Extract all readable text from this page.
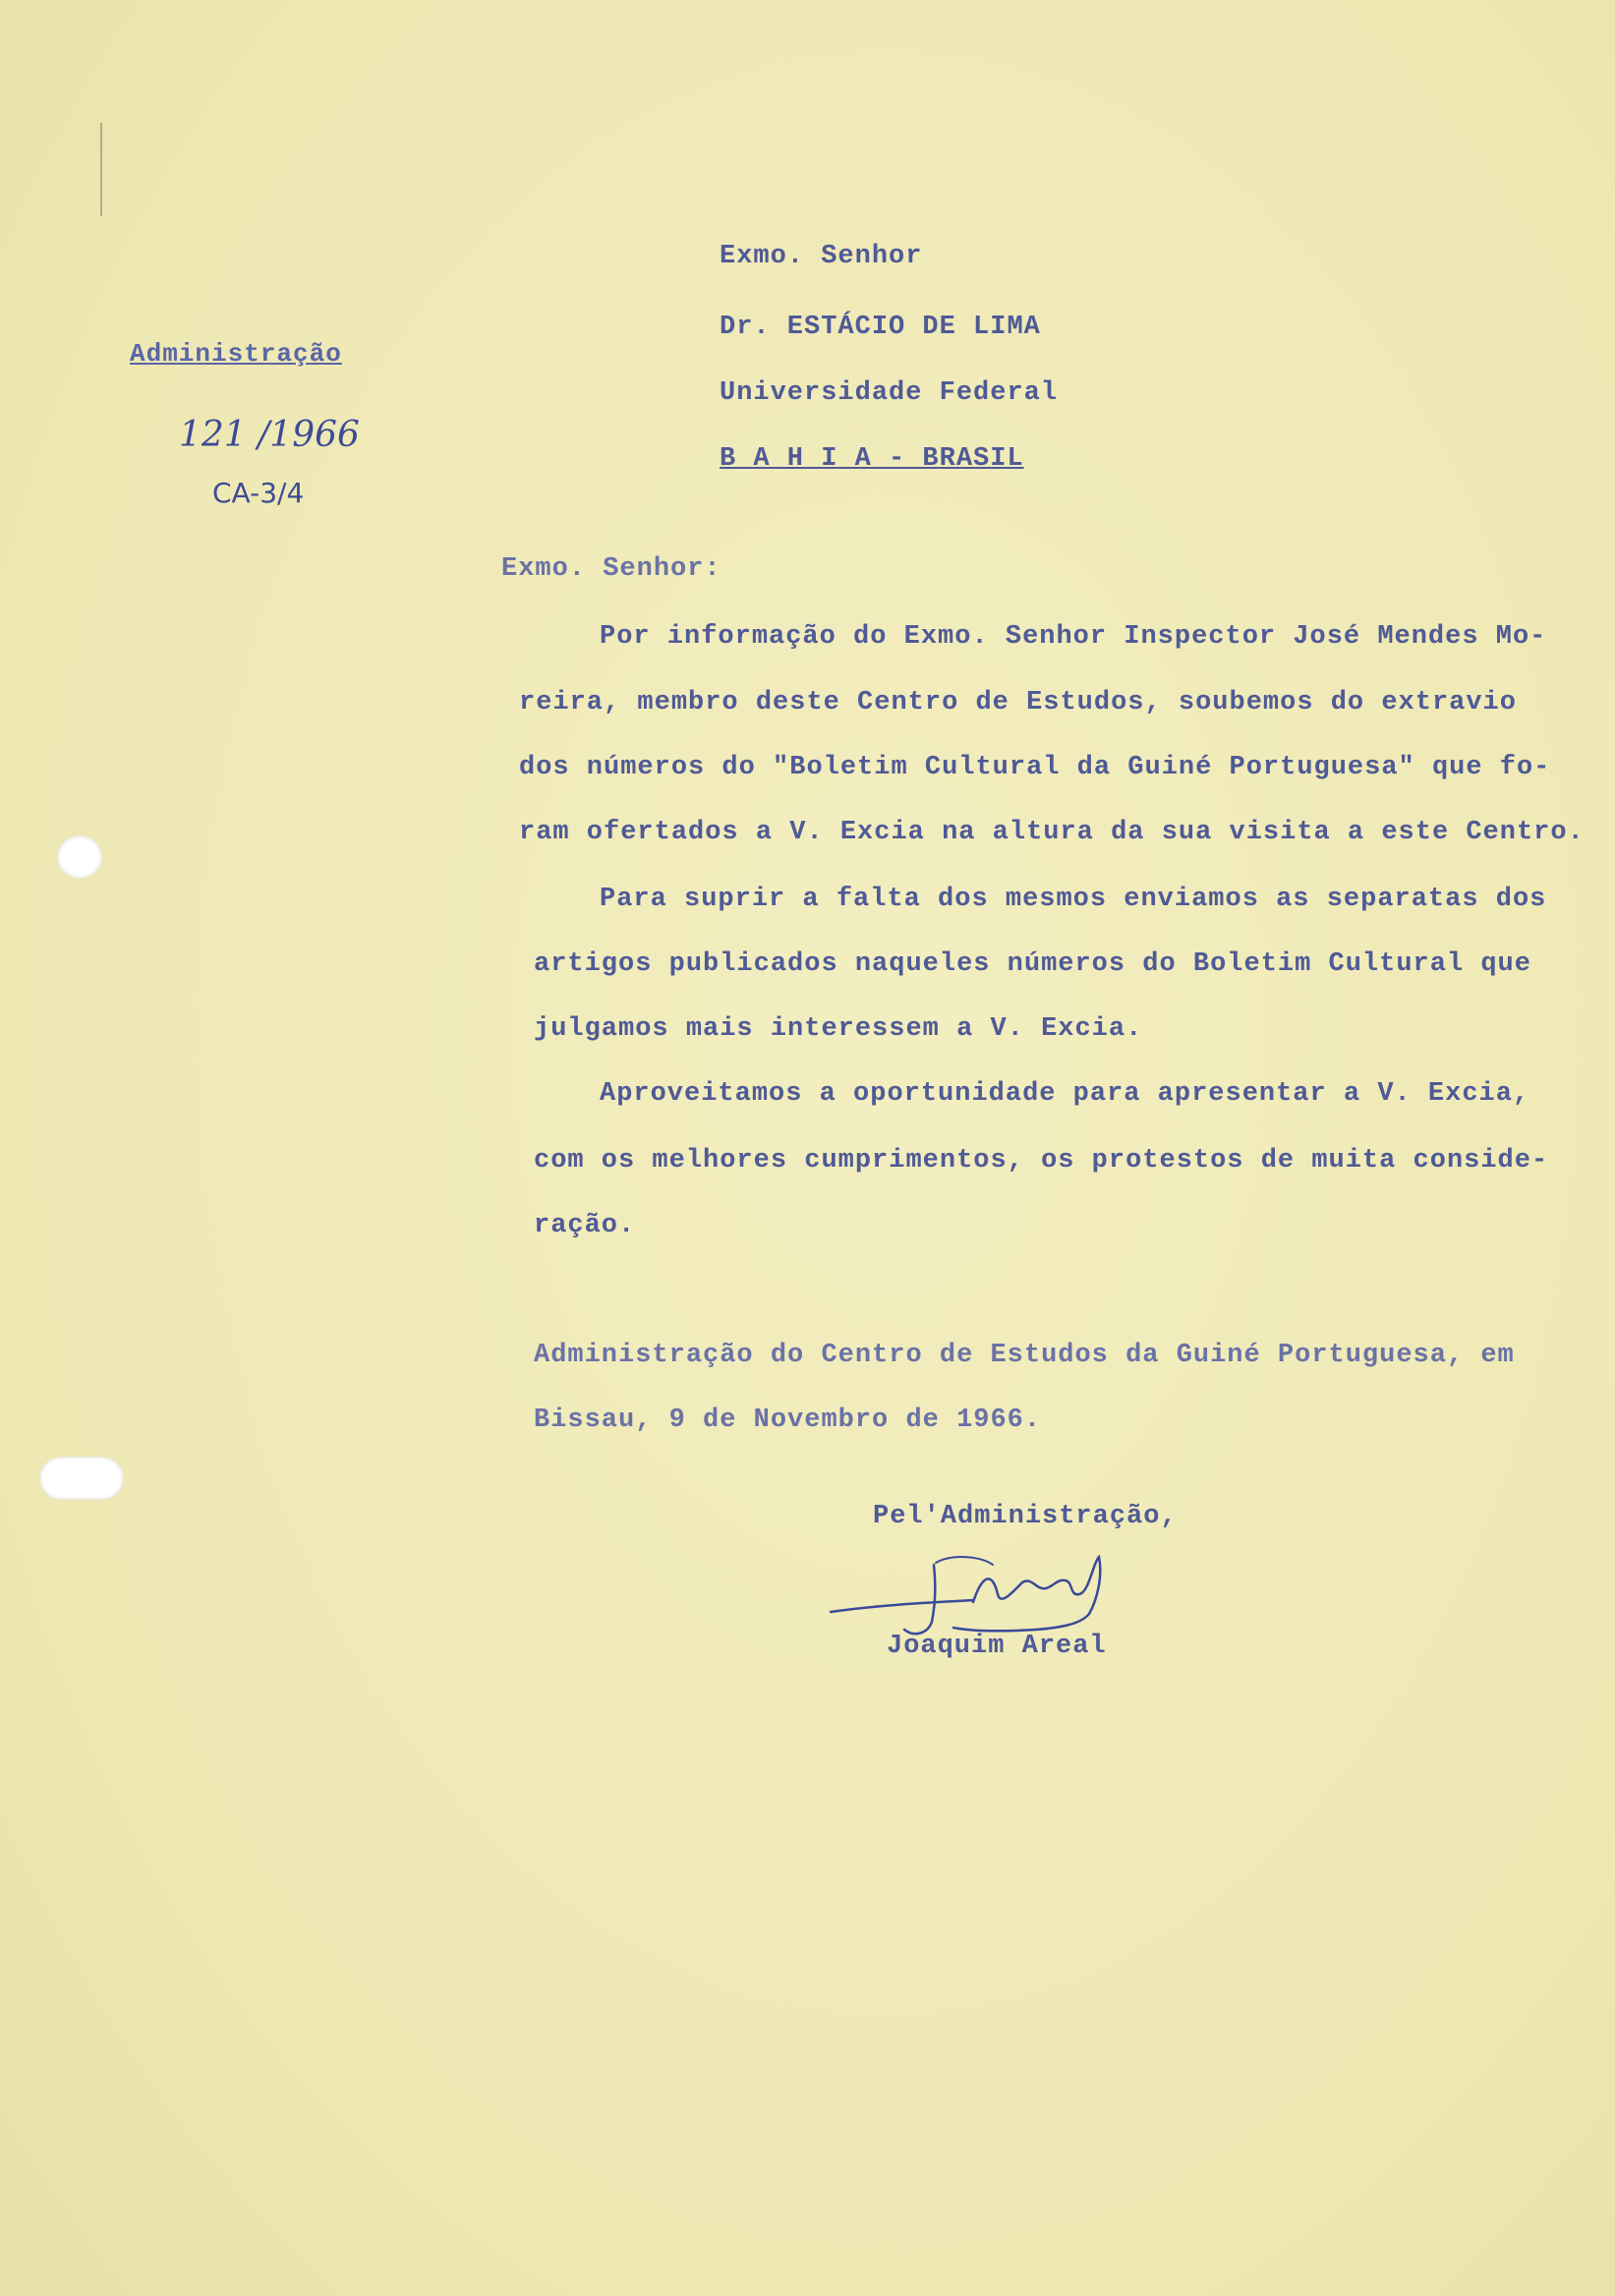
Administração
121 /1966
CA-3/4
Exmo. Senhor
Dr. ESTÁCIO DE LIMA
Universidade Federal
B A H I A - BRASIL
Exmo. Senhor:
Por informação do Exmo. Senhor Inspector José Mendes Mo-
reira, membro deste Centro de Estudos, soubemos do extravio
dos números do "Boletim Cultural da Guiné Portuguesa" que fo-
ram ofertados a V. Excia na altura da sua visita a este Centro.
Para suprir a falta dos mesmos enviamos as separatas dos
artigos publicados naqueles números do Boletim Cultural que
julgamos mais interessem a V. Excia.
Aproveitamos a oportunidade para apresentar a V. Excia,
com os melhores cumprimentos, os protestos de muita conside-
ração.
Administração do Centro de Estudos da Guiné Portuguesa, em
Bissau, 9 de Novembro de 1966.
Pel'Administração,
Joaquim Areal
